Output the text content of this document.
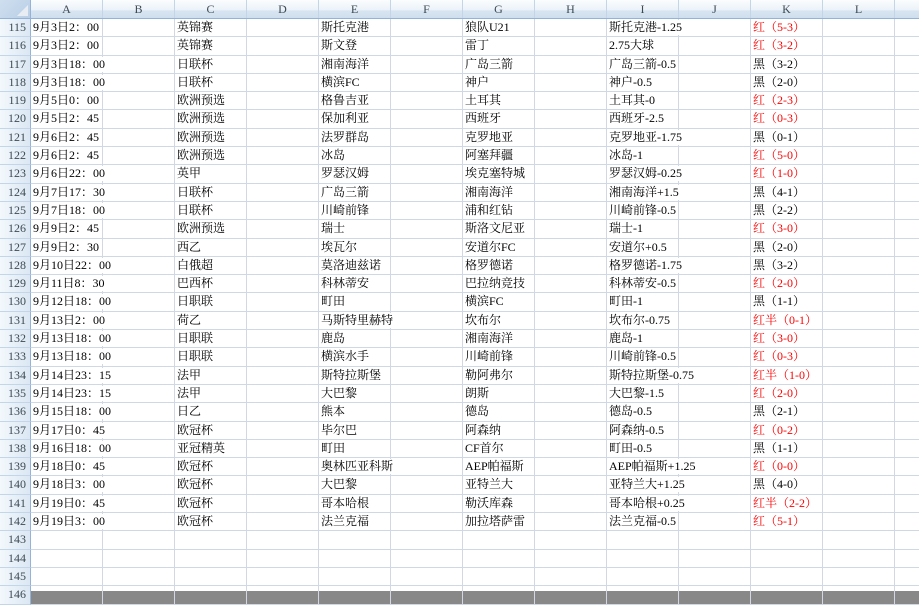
A	B	C	D	E	F	G	H	I	J	K	L
115 9月3日2：00	英锦赛	斯托克港	狼队U21	斯托克港-1.25	红（5-3）
116 9月3日2：00	英锦赛	斯文登	雷丁	2.75大球	红（3-2）
117 9月3日18：00	日联杯	湘南海洋	广岛三箭	广岛三箭-0.5	黑（3-2）
118 9月3日18：00	日联杯	横滨FC	神户	神户-0.5	黑（2-0）
119 9月5日0：00	欧洲预选	格鲁吉亚	土耳其	土耳其-0	红（2-3）
120 9月5日2：45	欧洲预选	保加利亚	西班牙	西班牙-2.5	红（0-3）
121 9月6日2：45	欧洲预选	法罗群岛	克罗地亚	克罗地亚-1.75	黑（0-1）
122 9月6日2：45	欧洲预选	冰岛	阿塞拜疆	冰岛-1	红（5-0）
123 9月6日22：00	英甲	罗瑟汉姆	埃克塞特城	罗瑟汉姆-0.25	红（1-0）
124 9月7日17：30	日联杯	广岛三箭	湘南海洋	湘南海洋+1.5	黑（4-1）
125 9月7日18：00	日联杯	川崎前锋	浦和红钻	川崎前锋-0.5	黑（2-2）
126 9月9日2：45	欧洲预选	瑞士	斯洛文尼亚	瑞士-1	红（3-0）
127 9月9日2：30	西乙	埃瓦尔	安道尔FC	安道尔+0.5	黑（2-0）
128 9月10日22：00	白俄超	莫洛迪兹诺	格罗德诺	格罗德诺-1.75	黑（3-2）
129 9月11日8：30	巴西杯	科林蒂安	巴拉纳竞技	科林蒂安-0.5	红（2-0）
130 9月12日18：00	日职联	町田	横滨FC	町田-1	黑（1-1）
131 9月13日2：00	荷乙	马斯特里赫特	坎布尔	坎布尔-0.75	红半（0-1）
132 9月13日18：00	日职联	鹿岛	湘南海洋	鹿岛-1	红（3-0）
133 9月13日18：00	日职联	横滨水手	川崎前锋	川崎前锋-0.5	红（0-3）
134 9月14日23：15	法甲	斯特拉斯堡	勒阿弗尔	斯特拉斯堡-0.75	红半（1-0）
135 9月14日23：15	法甲	大巴黎	朗斯	大巴黎-1.5	红（2-0）
136 9月15日18：00	日乙	熊本	德岛	德岛-0.5	黑（2-1）
137 9月17日0：45	欧冠杯	毕尔巴	阿森纳	阿森纳-0.5	红（0-2）
138 9月16日18：00	亚冠精英	町田	CF首尔	町田-0.5	黑（1-1）
139 9月18日0：45	欧冠杯	奥林匹亚科斯	AEP帕福斯	AEP帕福斯+1.25	红（0-0）
140 9月18日3：00	欧冠杯	大巴黎	亚特兰大	亚特兰大+1.25	黑（4-0）
141 9月19日0：45	欧冠杯	哥本哈根	勒沃库森	哥本哈根+0.25	红半（2-2）
142 9月19日3：00	欧冠杯	法兰克福	加拉塔萨雷	法兰克福-0.5	红（5-1）
143
144
145
146
